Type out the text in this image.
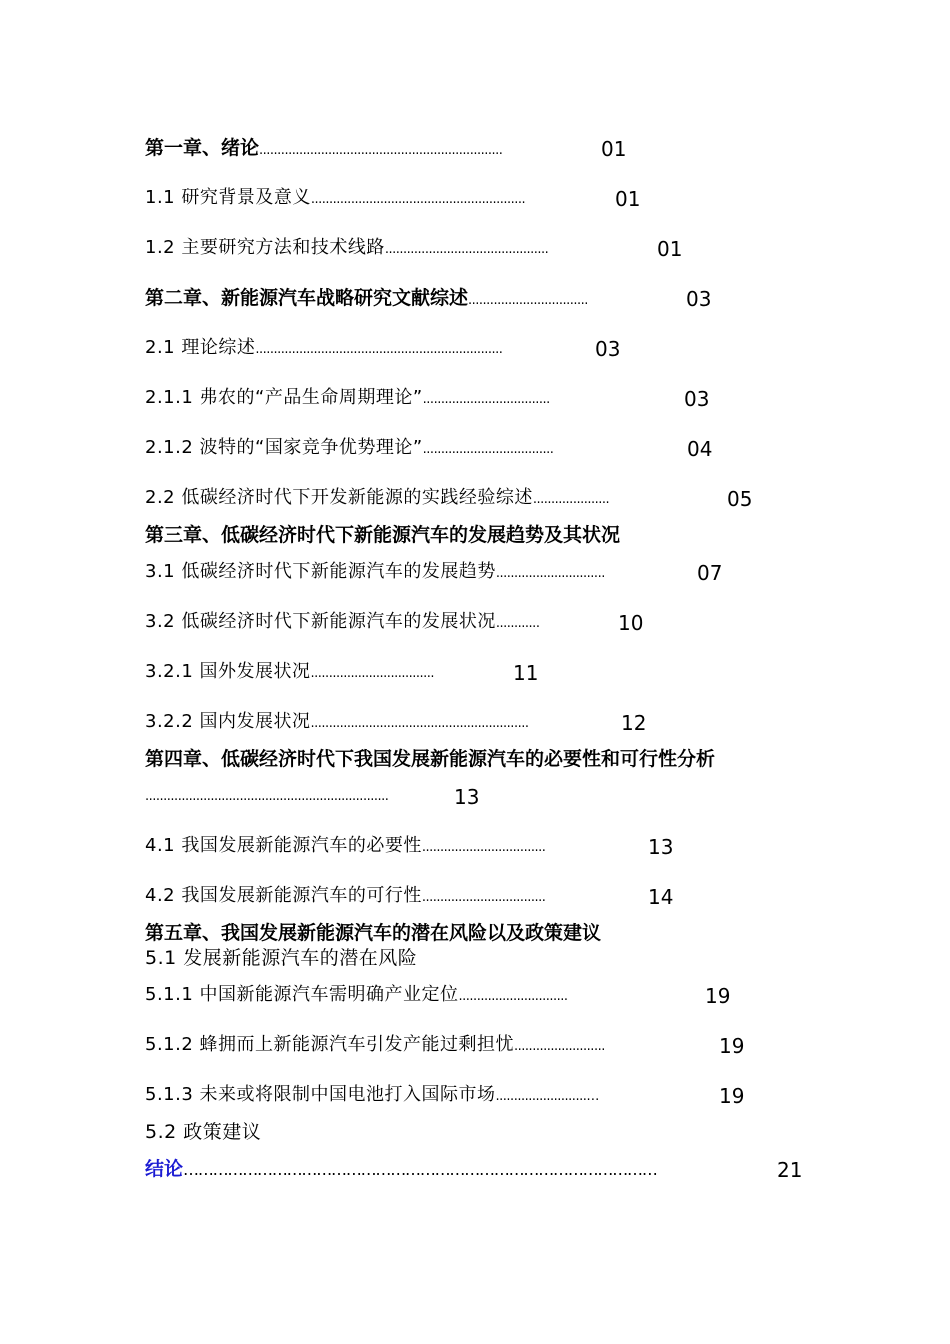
第一章、绪论...................................................................	01
1.1 研究背景及意义...........................................................	01
1.2 主要研究方法和技术线路.............................................	01
第二章、新能源汽车战略研究文献综述.................................	03
2.1 理论综述....................................................................	03
2.1.1 弗农的“产品生命周期理论”...................................	03
2.1.2 波特的“国家竞争优势理论”....................................	04
2.2 低碳经济时代下开发新能源的实践经验综述.....................	05
第三章、低碳经济时代下新能源汽车的发展趋势及其状况
3.1 低碳经济时代下新能源汽车的发展趋势..............................	07
3.2 低碳经济时代下新能源汽车的发展状况............	10
3.2.1 国外发展状况..................................	11
3.2.2 国内发展状况............................................................	12
第四章、低碳经济时代下我国发展新能源汽车的必要性和可行性分析
...................................................................	13
4.1 我国发展新能源汽车的必要性..................................	13
4.2 我国发展新能源汽车的可行性..................................	14
第五章、我国发展新能源汽车的潜在风险以及政策建议
5.1 发展新能源汽车的潜在风险
5.1.1 中国新能源汽车需明确产业定位..............................	19
5.1.2 蜂拥而上新能源汽车引发产能过剩担忧.........................	19
5.1.3 未来或将限制中国电池打入国际市场.........................…	19
5.2 政策建议
结论……………………………………………………………………………………	21
